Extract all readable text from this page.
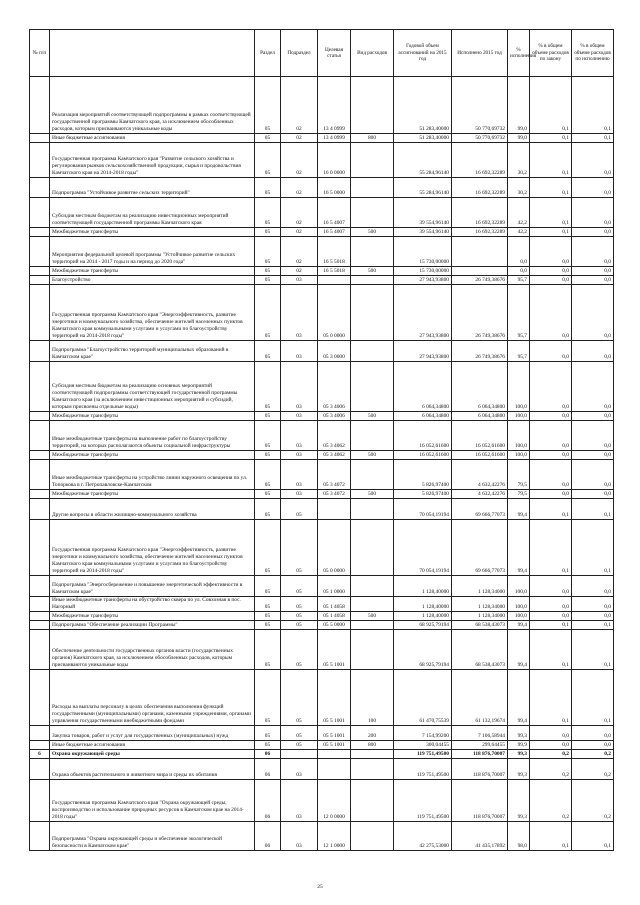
№ п/п		Раздел	Подраздел	Целевая статья	Вид расходов	Годовой объем ассигнований на 2015 год	Исполнено 2015 год	% исполнения	% в общем объеме расходов по закону	% в общем объеме расходов по исполнению
	Реализация мероприятий соответствующей подпрограммы в рамках соответствующей государственной программы Камчатского края, за исключением обособленных расходов, которым присваиваются уникальные коды	05	02	13 4 0999		51 283,40000	50 770,69732	99,0	0,1	0,1
	Иные бюджетные ассигнования	05	02	13 4 0999	800	51 283,40000	50 770,69732	99,0	0,1	0,1
	Государственная программа Камчатского края "Развитие сельского хозяйства и регулирования рынков сельскохозяйственной продукции, сырья и продовольствия Камчатского края на 2014-2018 годы"	05	02	16 0 0000		55 284,96140	16 692,32289	30,2	0,1	0,0
	Подпрограмма "Устойчивое развитие сельских территорий"	05	02	16 5 0000		55 284,96140	16 692,32289	30,2	0,1	0,0
	Субсидия местным бюджетам на реализацию инвестиционных мероприятий соответствующей государственной программы Камчатского края	05	02	16 5 4007		39 554,96140	16 692,32289	42,2	0,1	0,0
	Межбюджетные трансферты	05	02	16 5 4007	500	39 554,96140	16 692,32289	42,2	0,1	0,0
	Мероприятия федеральной целевой программы "Устойчивое развитие сельских территорий на 2014 - 2017 годы и на период до 2020 года"	05	02	16 5 5018		15 730,00000		0,0	0,0	0,0
	Межбюджетные трансферты	05	02	16 5 5018	500	15 730,00000		0,0	0,0	0,0
	Благоустройство	05	03			27 943,93800	26 749,38676	95,7	0,0	0,0
	Государственная программа Камчатского края "Энергоэффективность, развитие энергетики и коммунального хозяйства, обеспечение жителей населенных пунктов Камчатского края коммунальными услугами и услугами по благоустройству территорий на 2014-2018 годы"	05	03	05 0 0000		27 943,93800	26 749,38676	95,7	0,0	0,0
	Подпрограмма "Благоустройство территорий муниципальных образований в Камчатском крае"	05	03	05 3 0000		27 943,93800	26 749,38676	95,7	0,0	0,0
	Субсидия местным бюджетам на реализацию основных мероприятий соответствующей подпрограммы соответствующей государственной программы Камчатского края (за исключением инвестиционных мероприятий и субсидий, которым присвоены отдельные коды)	05	03	05 3 4006		6 064,34800	6 064,34800	100,0	0,0	0,0
	Межбюджетные трансферты	05	03	05 3 4006	500	6 064,34800	6 064,34800	100,0	0,0	0,0
	Иные межбюджетные трансферты на выполнение работ по благоустройству территорий, на которых располагаются объекты социальной инфраструктуры	05	03	05 3 4062		16 052,61600	16 052,61600	100,0	0,0	0,0
	Межбюджетные трансферты	05	03	05 3 4062	500	16 052,61600	16 052,61600	100,0	0,0	0,0
	Иные межбюджетные трансферты на устройство линии наружного освещения по ул. Топоркова в г. Петропавловске-Камчатском	05	03	05 3 4072		5 826,97400	4 632,42276	79,5	0,0	0,0
	Межбюджетные трансферты	05	03	05 3 4072	500	5 826,97400	4 632,42276	79,5	0,0	0,0
	Другие вопросы в области жилищно-коммунального хозяйства	05	05			70 054,19194	69 666,77073	99,4	0,1	0,1
	Государственная программа Камчатского края "Энергоэффективность, развитие энергетики и коммунального хозяйства, обеспечение жителей населенных пунктов Камчатского края коммунальными услугами и услугами по благоустройству территорий на 2014-2018 годы"	05	05	05 0 0000		70 054,19194	69 666,77073	99,4	0,1	0,1
	Подпрограмма "Энергосбережение и повышение энергетической эффективности в Камчатском крае"	05	05	05 1 0000		1 128,40000	1 128,34000	100,0	0,0	0,0
	Иные межбюджетные трансферты на обустройство сквера по ул. Совхозная в пос. Нагорный	05	05	05 1 4058		1 128,40000	1 128,34000	100,0	0,0	0,0
	Межбюджетные трансферты	05	05	05 1 4058	500	1 128,40000	1 128,34000	100,0	0,0	0,0
	Подпрограмма "Обеспечение реализации Программы"	05	05	05 5 0000		68 925,79194	68 538,43073	99,4	0,1	0,1
	Обеспечение деятельности государственных органов власти (государственных органов) Камчатского края, за исключением обособленных расходов, которым присваиваются уникальные коды	05	05	05 5 1001		68 925,79194	68 538,43073	99,4	0,1	0,1
	Расходы на выплаты персоналу в целях обеспечения выполнения функций государственными (муниципальными) органами, казенными учреждениями, органами управления государственными внебюджетными фондами	05	05	05 5 1001	100	61 470,75539	61 132,19674	99,4	0,1	0,1
	Закупка товаров, работ и услуг для государственных (муниципальных) нужд	05	05	05 5 1001	200	7 154,99200	7 106,58944	99,3	0,0	0,0
	Иные бюджетные ассигнования	05	05	05 5 1001	800	300,04455	299,64455	99,9	0,0	0,0
6	Охрана окружающей среды	06				119 751,49500	118 876,70007	99,3	0,2	0,2
	Охрана объектов растительного и животного мира и среды их обитания	06	03			119 751,49500	118 876,70007	99,3	0,2	0,2
	Государственная программа Камчатского края "Охрана окружающей среды, воспроизводство и использование природных ресурсов в Камчатском крае на 2014-2018 годы"	06	03	12 0 0000		119 751,49500	118 876,70007	99,3	0,2	0,2
	Подпрограмма "Охрана окружающей среды и обеспечение экологической безопасности в Камчатском крае"	06	03	12 1 0000		42 275,53000	41 435,17892	98,0	0,1	0,1
25
